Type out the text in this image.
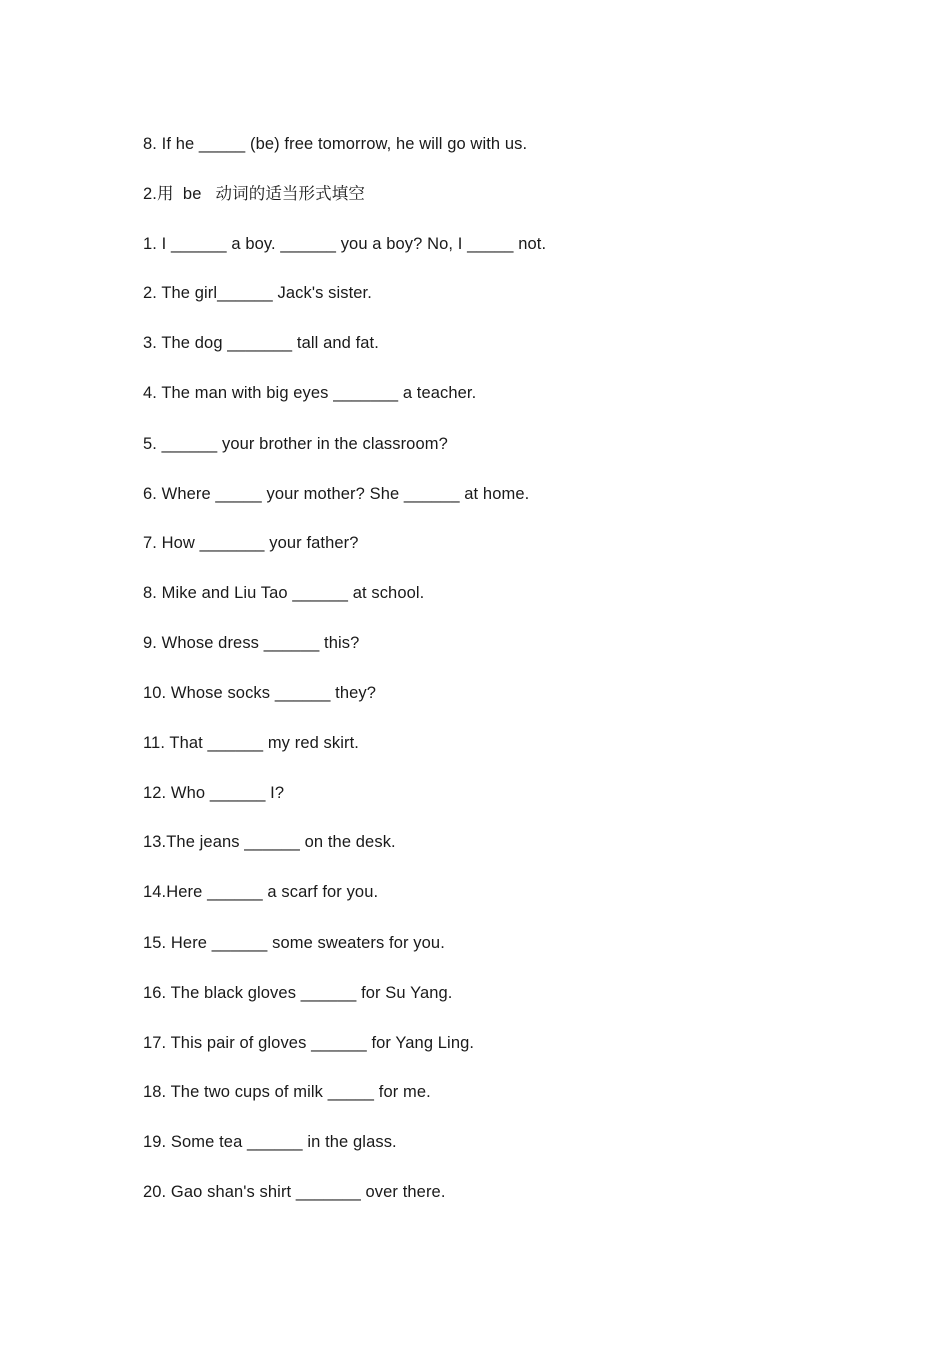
8. If he _____ (be) free tomorrow, he will go with us.
2.用  be   动词的适当形式填空
1. I ______ a boy. ______ you a boy? No, I _____ not.
2. The girl______ Jack's sister.
3. The dog _______ tall and fat.
4. The man with big eyes _______ a teacher.
5. ______ your brother in the classroom?
6. Where _____ your mother? She ______ at home.
7. How _______ your father?
8. Mike and Liu Tao ______ at school.
9. Whose dress ______ this?
10. Whose socks ______ they?
11. That ______ my red skirt.
12. Who ______ I?
13.The jeans ______ on the desk.
14.Here ______ a scarf for you.
15. Here ______ some sweaters for you.
16. The black gloves ______ for Su Yang.
17. This pair of gloves ______ for Yang Ling.
18. The two cups of milk _____ for me.
19. Some tea ______ in the glass.
20. Gao shan's shirt _______ over there.
